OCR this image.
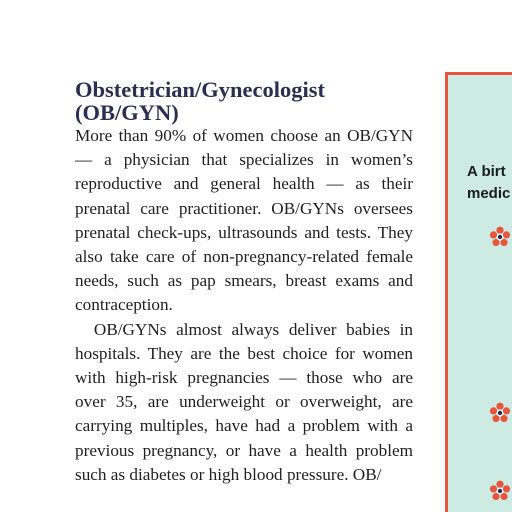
Obstetrician/Gynecologist
(OB/GYN)

More than 90% of women choose an OB/GYN — a physician that specializes in women’s reproductive and general health — as their prenatal care practitioner. OB/GYNs oversees prenatal check-ups, ultrasounds and tests. They also take care of non-pregnancy-related female needs, such as pap smears, breast exams and contraception.

OB/GYNs almost always deliver babies in hospitals. They are the best choice for women with high-risk pregnancies — those who are over 35, are underweight or overweight, are carrying multiples, have had a problem with a previous pregnancy, or have a health problem such as diabetes or high blood pressure. OB/

A birt
medic
